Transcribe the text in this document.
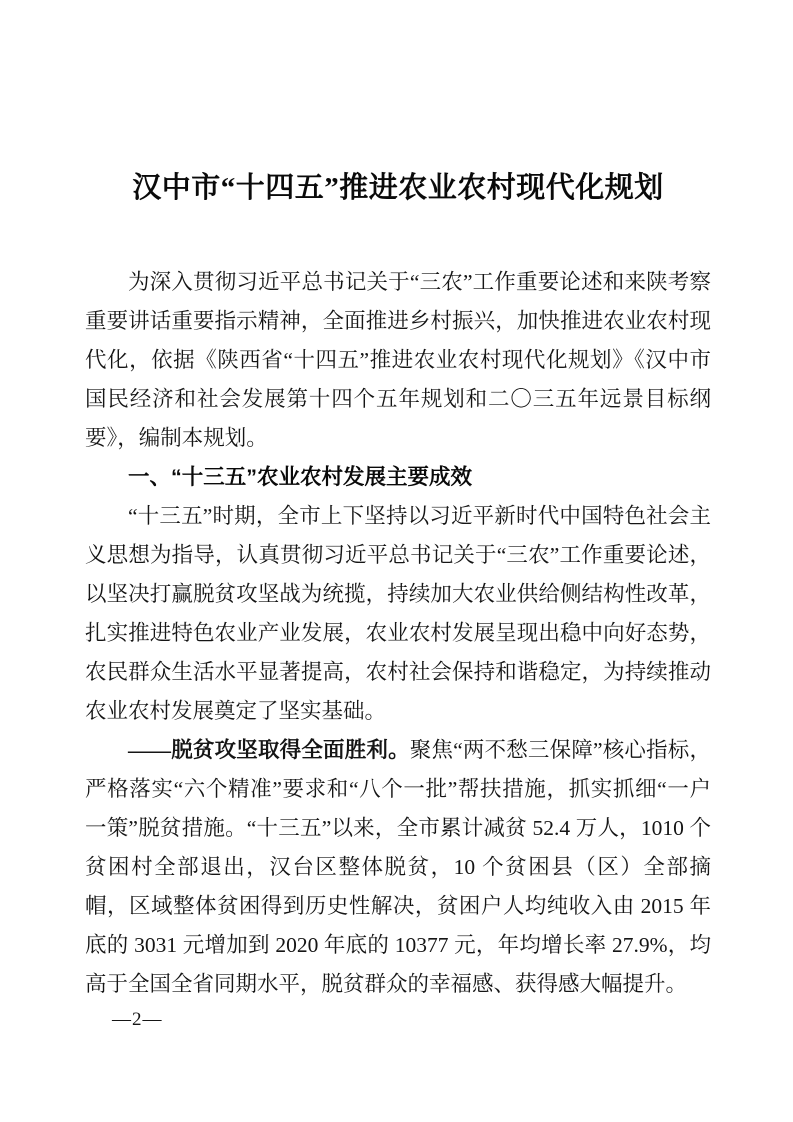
汉中市“十四五”推进农业农村现代化规划

为深入贯彻习近平总书记关于“三农”工作重要论述和来陕考察重要讲话重要指示精神，全面推进乡村振兴，加快推进农业农村现代化，依据《陕西省“十四五”推进农业农村现代化规划》《汉中市国民经济和社会发展第十四个五年规划和二〇三五年远景目标纲要》，编制本规划。

一、“十三五”农业农村发展主要成效

“十三五”时期，全市上下坚持以习近平新时代中国特色社会主义思想为指导，认真贯彻习近平总书记关于“三农”工作重要论述，以坚决打赢脱贫攻坚战为统揽，持续加大农业供给侧结构性改革，扎实推进特色农业产业发展，农业农村发展呈现出稳中向好态势，农民群众生活水平显著提高，农村社会保持和谐稳定，为持续推动农业农村发展奠定了坚实基础。

——脱贫攻坚取得全面胜利。聚焦“两不愁三保障”核心指标，严格落实“六个精准”要求和“八个一批”帮扶措施，抓实抓细“一户一策”脱贫措施。“十三五”以来，全市累计减贫 52.4 万人，1010 个贫困村全部退出，汉台区整体脱贫，10 个贫困县（区）全部摘帽，区域整体贫困得到历史性解决，贫困户人均纯收入由 2015 年底的 3031 元增加到 2020 年底的 10377 元，年均增长率 27.9%，均高于全国全省同期水平，脱贫群众的幸福感、获得感大幅提升。

—2—
